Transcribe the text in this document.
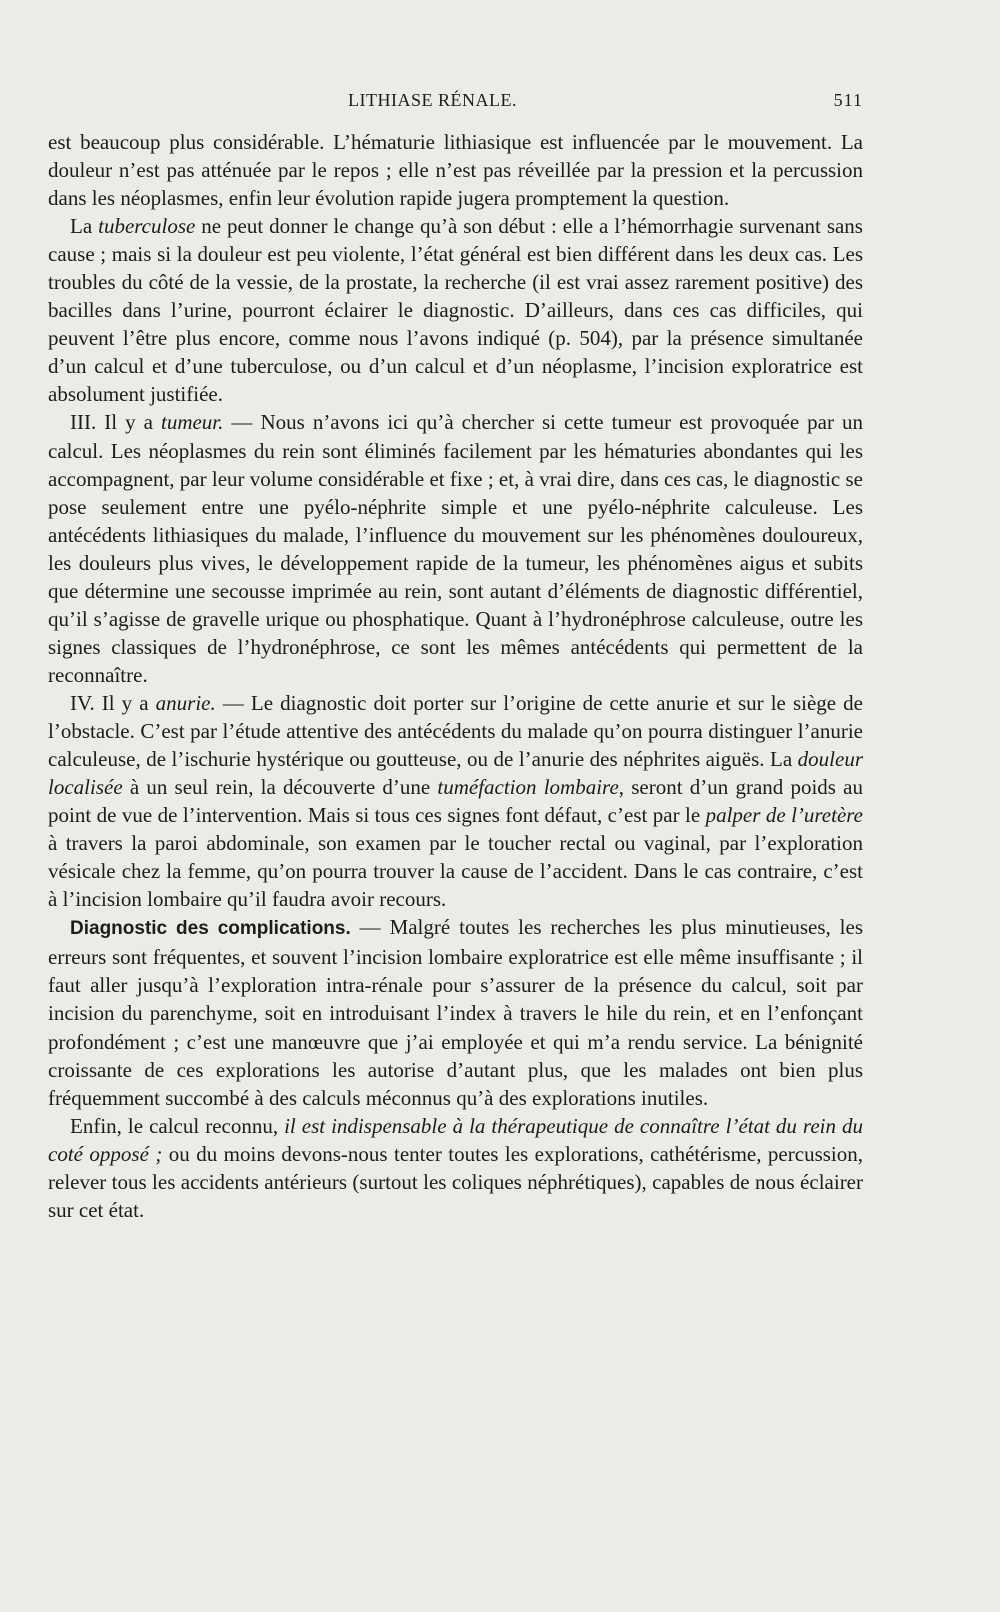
LITHIASE RÉNALE.	511

est beaucoup plus considérable. L’hématurie lithiasique est influencée par le mouvement. La douleur n’est pas atténuée par le repos ; elle n’est pas réveillée par la pression et la percussion dans les néoplasmes, enfin leur évolution rapide jugera promptement la question.

La tuberculose ne peut donner le change qu’à son début : elle a l’hémorrhagie survenant sans cause ; mais si la douleur est peu violente, l’état général est bien différent dans les deux cas. Les troubles du côté de la vessie, de la prostate, la recherche (il est vrai assez rarement positive) des bacilles dans l’urine, pourront éclairer le diagnostic. D’ailleurs, dans ces cas difficiles, qui peuvent l’être plus encore, comme nous l’avons indiqué (p. 504), par la présence simultanée d’un calcul et d’une tuberculose, ou d’un calcul et d’un néoplasme, l’incision exploratrice est absolument justifiée.

III. Il y a tumeur. — Nous n’avons ici qu’à chercher si cette tumeur est provoquée par un calcul. Les néoplasmes du rein sont éliminés facilement par les hématuries abondantes qui les accompagnent, par leur volume considérable et fixe ; et, à vrai dire, dans ces cas, le diagnostic se pose seulement entre une pyélo-néphrite simple et une pyélo-néphrite calculeuse. Les antécédents lithiasiques du malade, l’influence du mouvement sur les phénomènes douloureux, les douleurs plus vives, le développement rapide de la tumeur, les phénomènes aigus et subits que détermine une secousse imprimée au rein, sont autant d’éléments de diagnostic différentiel, qu’il s’agisse de gravelle urique ou phosphatique. Quant à l’hydronéphrose calculeuse, outre les signes classiques de l’hydronéphrose, ce sont les mêmes antécédents qui permettent de la reconnaître.

IV. Il y a anurie. — Le diagnostic doit porter sur l’origine de cette anurie et sur le siège de l’obstacle. C’est par l’étude attentive des antécédents du malade qu’on pourra distinguer l’anurie calculeuse, de l’ischurie hystérique ou goutteuse, ou de l’anurie des néphrites aiguës. La douleur localisée à un seul rein, la découverte d’une tuméfaction lombaire, seront d’un grand poids au point de vue de l’intervention. Mais si tous ces signes font défaut, c’est par le palper de l’uretère à travers la paroi abdominale, son examen par le toucher rectal ou vaginal, par l’exploration vésicale chez la femme, qu’on pourra trouver la cause de l’accident. Dans le cas contraire, c’est à l’incision lombaire qu’il faudra avoir recours.

Diagnostic des complications. — Malgré toutes les recherches les plus minutieuses, les erreurs sont fréquentes, et souvent l’incision lombaire exploratrice est elle même insuffisante ; il faut aller jusqu’à l’exploration intra-rénale pour s’assurer de la présence du calcul, soit par incision du parenchyme, soit en introduisant l’index à travers le hile du rein, et en l’enfonçant profondément ; c’est une manœuvre que j’ai employée et qui m’a rendu service. La bénignité croissante de ces explorations les autorise d’autant plus, que les malades ont bien plus fréquemment succombé à des calculs méconnus qu’à des explorations inutiles.

Enfin, le calcul reconnu, il est indispensable à la thérapeutique de connaître l’état du rein du coté opposé ; ou du moins devons-nous tenter toutes les explorations, cathétérisme, percussion, relever tous les accidents antérieurs (surtout les coliques néphrétiques), capables de nous éclairer sur cet état.
